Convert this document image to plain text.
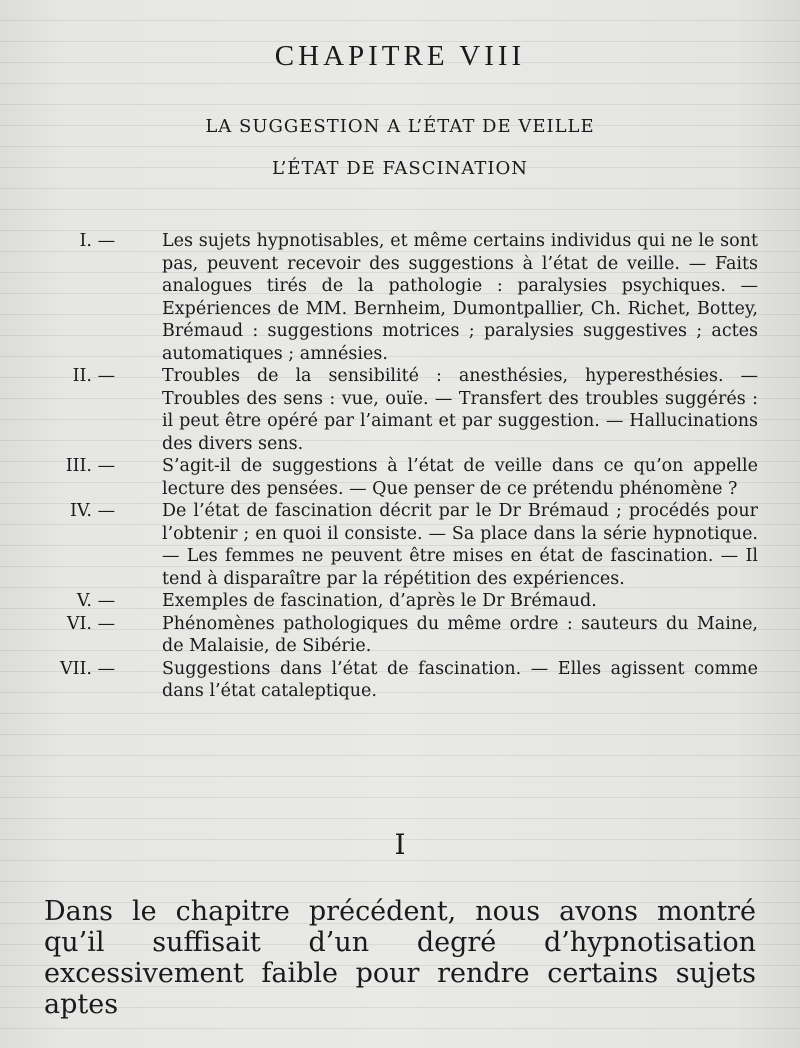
CHAPITRE VIII
LA SUGGESTION A L’ÉTAT DE VEILLE
L’ÉTAT DE FASCINATION
I. —	Les sujets hypnotisables, et même certains individus qui ne le sont pas, peuvent recevoir des suggestions à l’état de veille. — Faits analogues tirés de la pathologie : paralysies psychiques. — Expériences de MM. Bernheim, Dumontpallier, Ch. Richet, Bottey, Brémaud : suggestions motrices ; paralysies suggestives ; actes automatiques ; amnésies.
II. —	Troubles de la sensibilité : anesthésies, hyperesthésies. — Troubles des sens : vue, ouïe. — Transfert des troubles suggérés : il peut être opéré par l’aimant et par suggestion. — Hallucinations des divers sens.
III. —	S’agit-il de suggestions à l’état de veille dans ce qu’on appelle lecture des pensées. — Que penser de ce prétendu phénomène ?
IV. —	De l’état de fascination décrit par le Dr Brémaud ; procédés pour l’obtenir ; en quoi il consiste. — Sa place dans la série hypnotique. — Les femmes ne peuvent être mises en état de fascination. — Il tend à disparaître par la répétition des expériences.
V. —	Exemples de fascination, d’après le Dr Brémaud.
VI. —	Phénomènes pathologiques du même ordre : sauteurs du Maine, de Malaisie, de Sibérie.
VII. —	Suggestions dans l’état de fascination. — Elles agissent comme dans l’état cataleptique.
I
Dans le chapitre précédent, nous avons montré qu’il suffisait d’un degré d’hypnotisation excessivement faible pour rendre certains sujets aptes
